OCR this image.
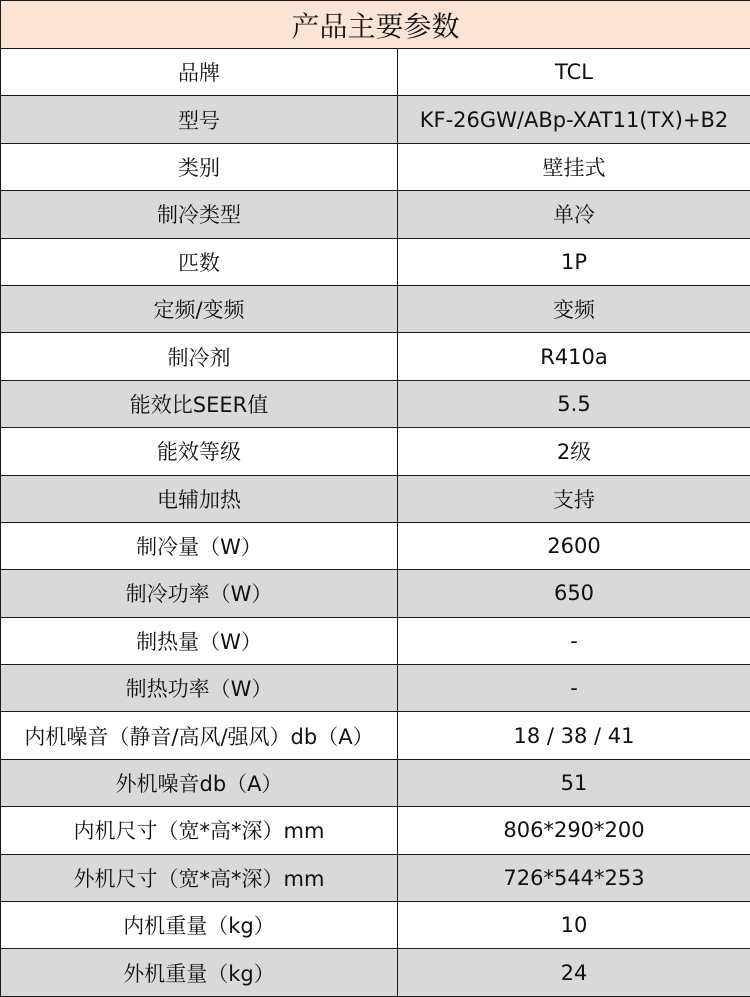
产品主要参数	
品牌	TCL
型号	KF-26GW/ABp-XAT11(TX)+B2
类别	壁挂式
制冷类型	单冷
匹数	1P
定频/变频	变频
制冷剂	R410a
能效比SEER值	5.5
能效等级	2级
电辅加热	支持
制冷量（W）	2600
制冷功率（W）	650
制热量（W）	-
制热功率（W）	-
内机噪音（静音/高风/强风）db（A）	18 / 38 / 41
外机噪音db（A）	51
内机尺寸（宽*高*深）mm	806*290*200
外机尺寸（宽*高*深）mm	726*544*253
内机重量（kg）	10
外机重量（kg）	24
